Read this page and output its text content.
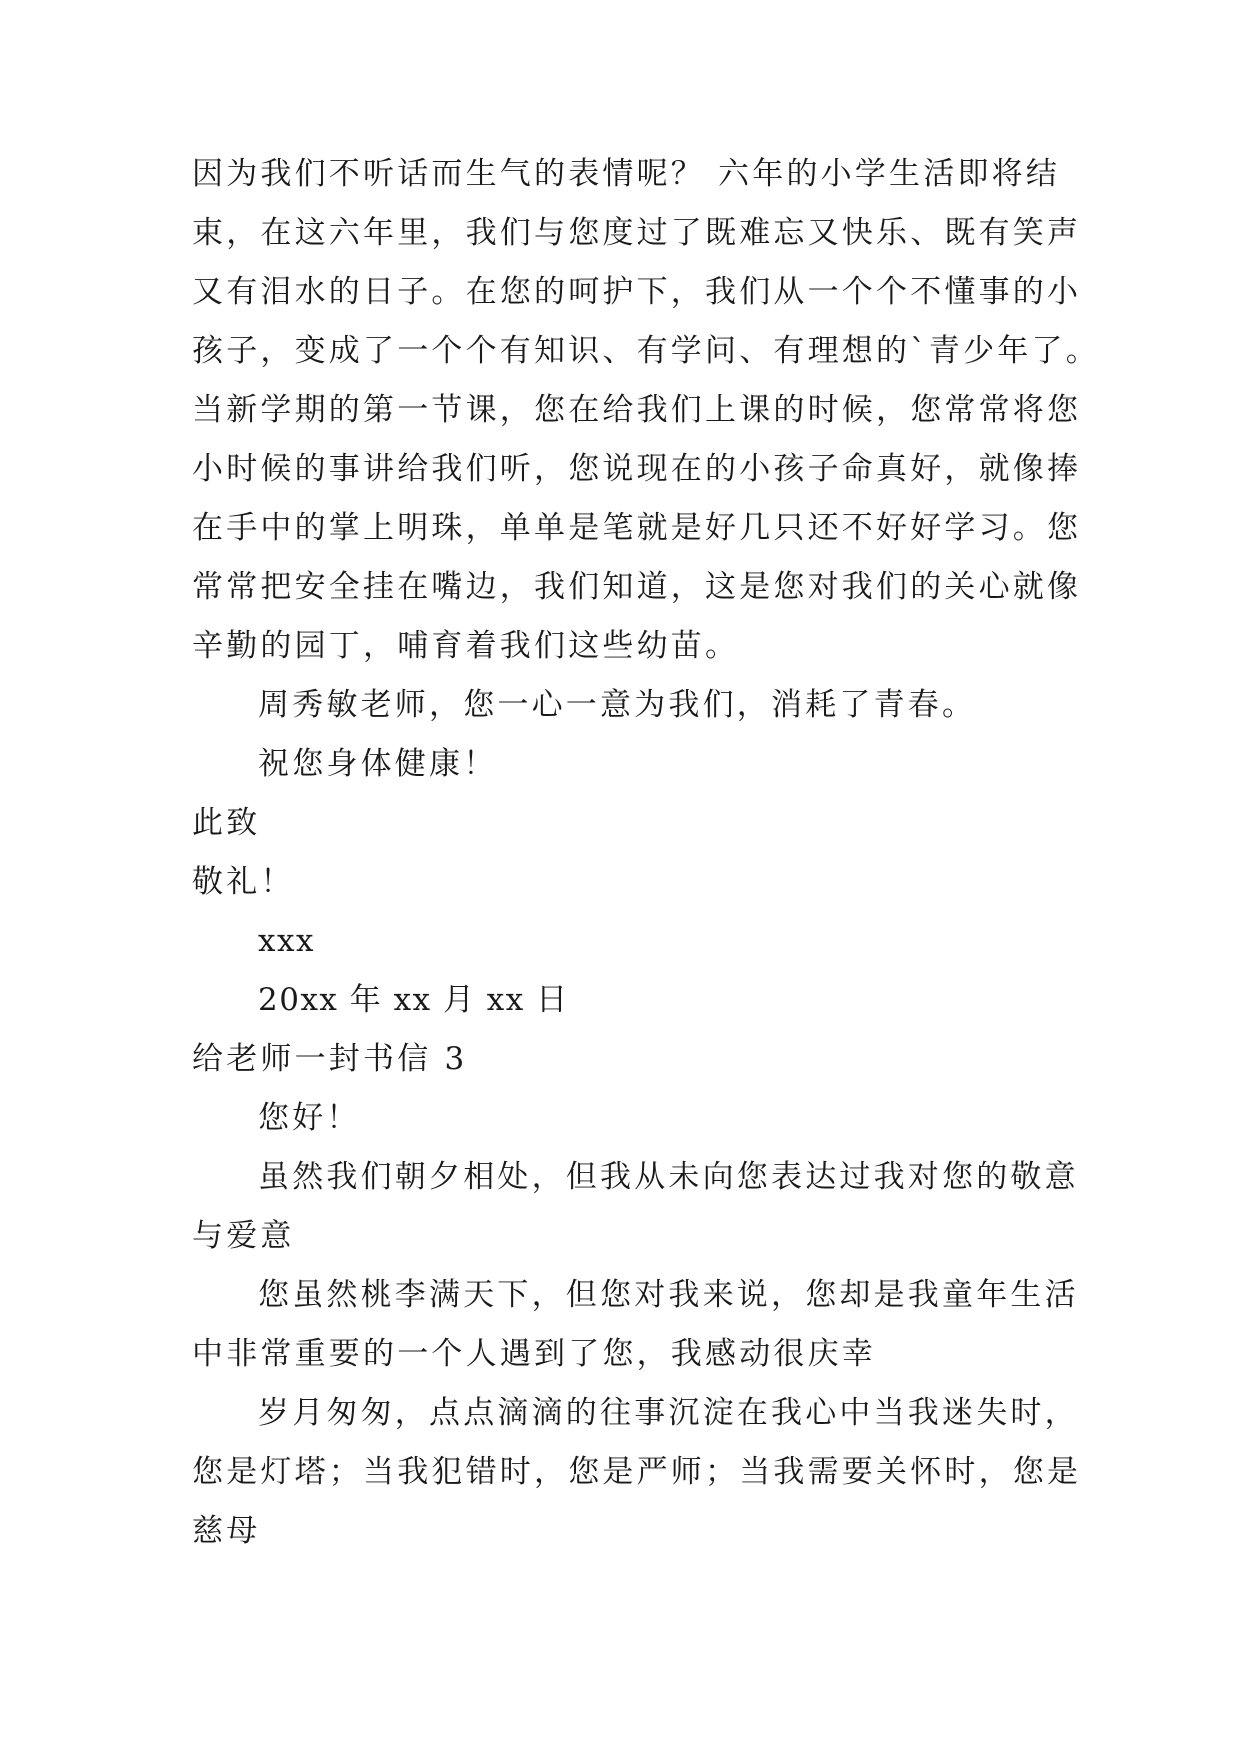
因为我们不听话而生气的表情呢？ 六年的小学生活即将结
束，在这六年里，我们与您度过了既难忘又快乐、既有笑声
又有泪水的日子。在您的呵护下，我们从一个个不懂事的小
孩子，变成了一个个有知识、有学问、有理想的`青少年了。
当新学期的第一节课，您在给我们上课的时候，您常常将您
小时候的事讲给我们听，您说现在的小孩子命真好，就像捧
在手中的掌上明珠，单单是笔就是好几只还不好好学习。您
常常把安全挂在嘴边，我们知道，这是您对我们的关心就像
辛勤的园丁，哺育着我们这些幼苗。
周秀敏老师，您一心一意为我们，消耗了青春。
祝您身体健康！
此致
敬礼！
xxx
20xx 年 xx 月 xx 日
给老师一封书信 3
您好！
虽然我们朝夕相处，但我从未向您表达过我对您的敬意
与爱意
您虽然桃李满天下，但您对我来说，您却是我童年生活
中非常重要的一个人遇到了您，我感动很庆幸
岁月匆匆，点点滴滴的往事沉淀在我心中当我迷失时，
您是灯塔；当我犯错时，您是严师；当我需要关怀时，您是
慈母
